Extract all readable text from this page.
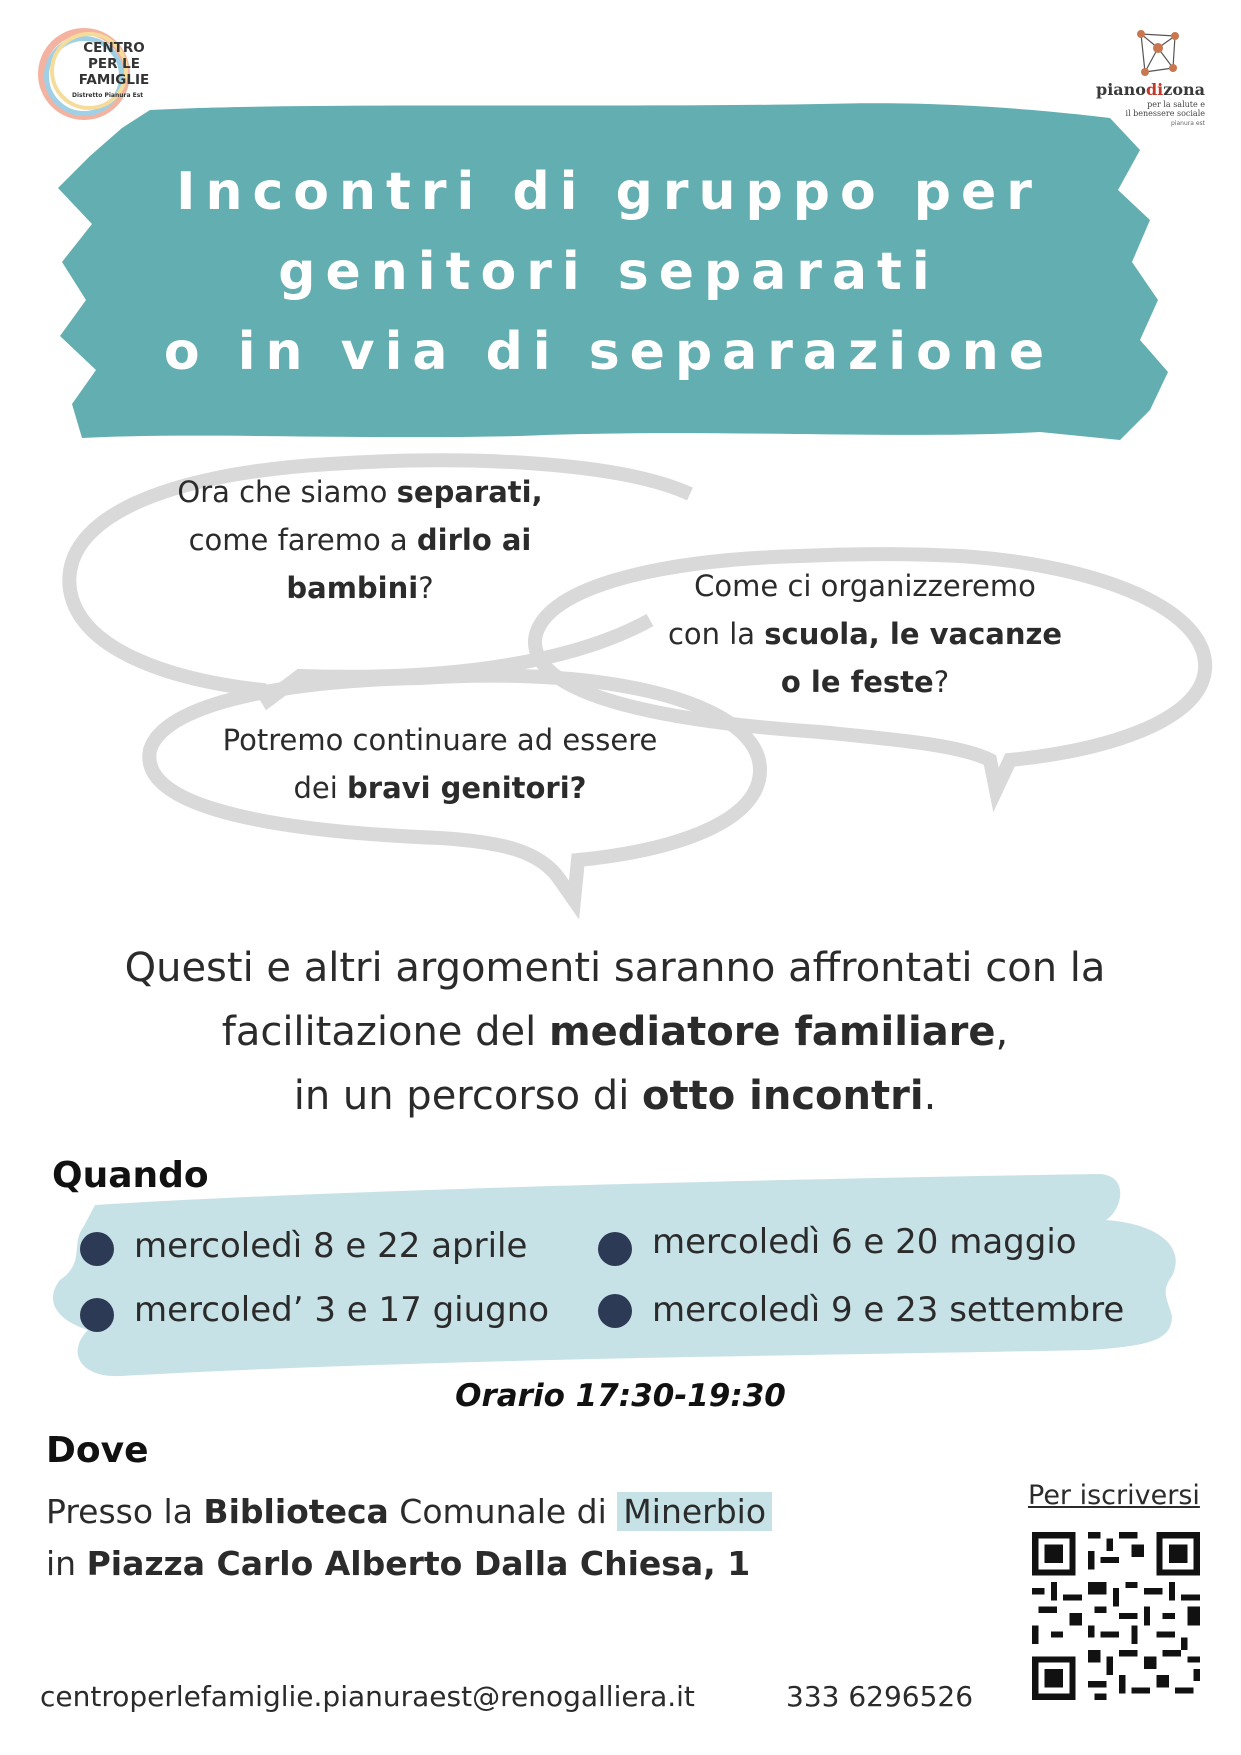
CENTRO
PER LE
FAMIGLIE
Distretto Pianura Est	pianodizona
per la salute e
il benessere sociale
pianura est
Incontri di gruppo per
genitori separati
o in via di separazione
Ora che siamo separati,
come faremo a dirlo ai
bambini?	Come ci organizzeremo
con la scuola, le vacanze
o le feste?
Potremo continuare ad essere
dei bravi genitori?
Questi e altri argomenti saranno affrontati con la
facilitazione del mediatore familiare,
in un percorso di otto incontri.
Quando
mercoledì 8 e 22 aprile	mercoledì 6 e 20 maggio
mercoled’ 3 e 17 giugno	mercoledì 9 e 23 settembre
Orario 17:30-19:30
Dove
Presso la Biblioteca Comunale di Minerbio
in Piazza Carlo Alberto Dalla Chiesa, 1
Per iscriversi
centroperlefamiglie.pianuraest@renogalliera.it	333 6296526
